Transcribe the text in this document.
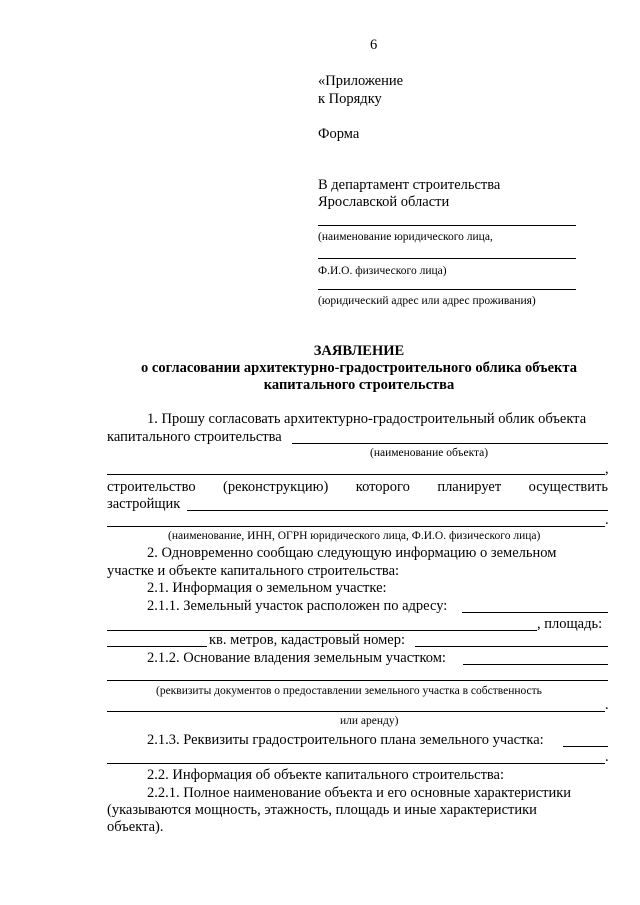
6
«Приложение
к Порядку
Форма
В департамент строительства
Ярославской области
(наименование юридического лица,
Ф.И.О. физического лица)
(юридический адрес или адрес проживания)
ЗАЯВЛЕНИЕ
о согласовании архитектурно-градостроительного облика объекта
капитального строительства
1. Прошу согласовать архитектурно-градостроительный облик объекта
капитального строительства
(наименование объекта)
,
строительство (реконструкцию) которого планирует осуществить
застройщик
.
(наименование, ИНН, ОГРН юридического лица, Ф.И.О. физического лица)
2. Одновременно сообщаю следующую информацию о земельном
участке и объекте капитального строительства:
2.1. Информация о земельном участке:
2.1.1. Земельный участок расположен по адресу:
, площадь:
кв. метров, кадастровый номер:
2.1.2. Основание владения земельным участком:
(реквизиты документов о предоставлении земельного участка в собственность
.
или аренду)
2.1.3. Реквизиты градостроительного плана земельного участка:
.
2.2. Информация об объекте капитального строительства:
2.2.1. Полное наименование объекта и его основные характеристики
(указываются мощность, этажность, площадь и иные характеристики
объекта).
